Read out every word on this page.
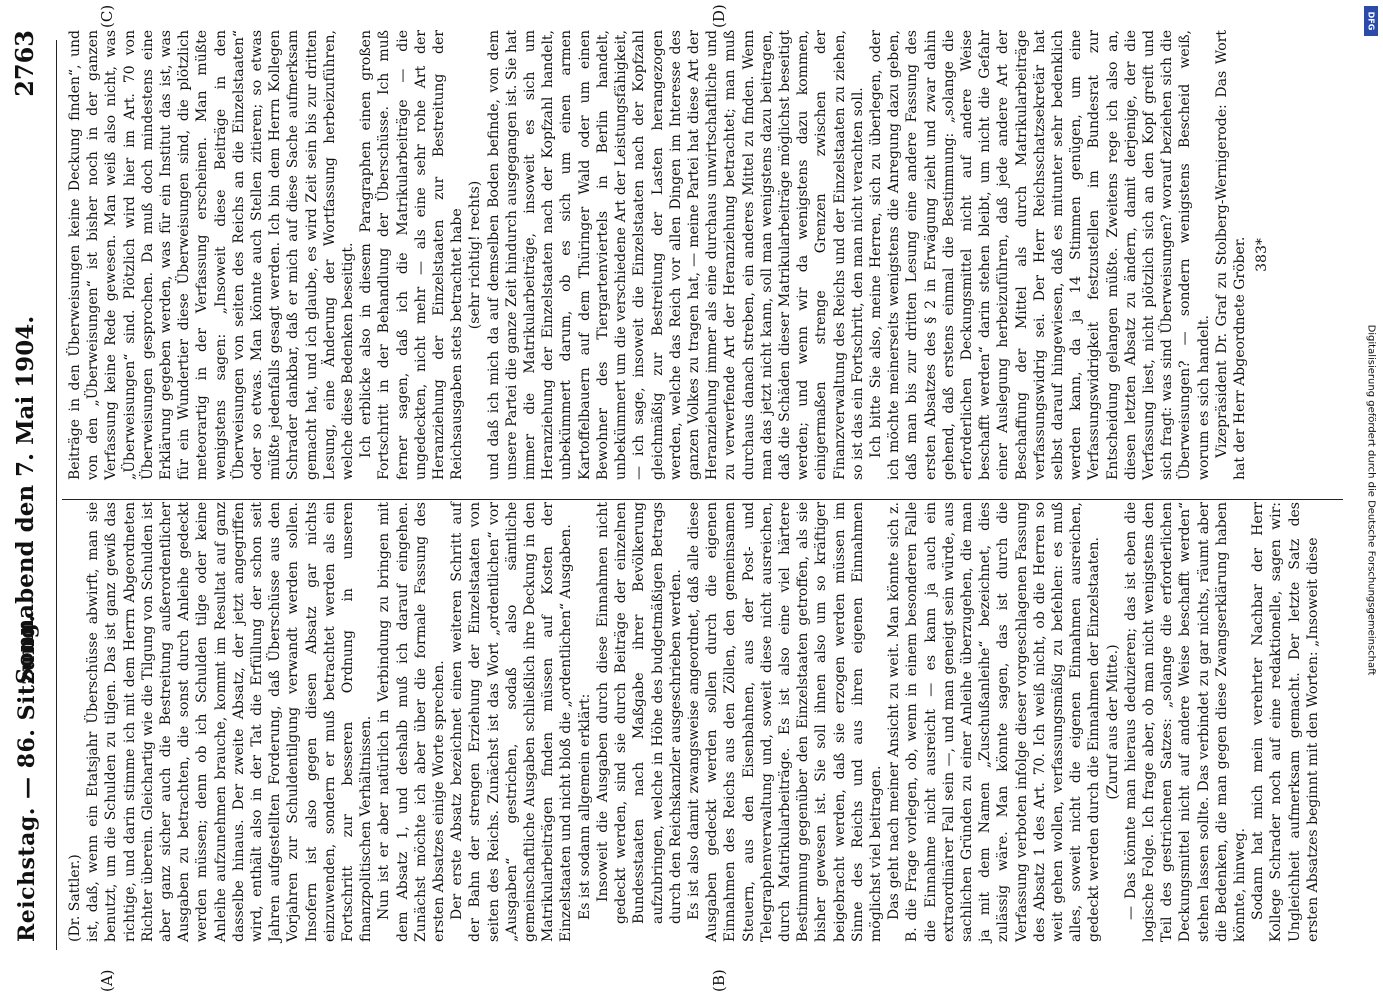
Reichstag. — 86. Sitzung.
Sonnabend den 7. Mai 1904.
2763
(A)	(B)
(C)	(D)

(Dr. Sattler.) ist, daß, wenn ein Etatsjahr Überschüsse abwirft, man sie benutzt, um die Schulden zu tilgen. Das ist ganz gewiß das richtige, und darin stimme ich mit dem Herrn Abgeordneten Richter überein. Gleichartig wie die Tilgung von Schulden ist aber ganz sicher auch die Bestreitung außerordentlicher Ausgaben zu betrachten, die sonst durch Anleihe gedeckt werden müssen; denn ob ich Schulden tilge oder keine Anleihe aufzunehmen brauche, kommt im Resultat auf ganz dasselbe hinaus. Der zweite Absatz, der jetzt angegriffen wird, enthält also in der Tat die Erfüllung der schon seit Jahren aufgestellten Forderung, daß Überschüsse aus den Vorjahren zur Schuldentilgung verwandt werden sollen. Insofern ist also gegen diesen Absatz gar nichts einzuwenden, sondern er muß betrachtet werden als ein Fortschritt zur besseren Ordnung in unseren finanzpolitischen Verhältnissen. Nun ist er aber natürlich in Verbindung zu bringen mit dem Absatz 1, und deshalb muß ich darauf eingehen. Zunächst möchte ich aber über die formale Fassung des ersten Absatzes einige Worte sprechen. Der erste Absatz bezeichnet einen weiteren Schritt auf der Bahn der strengen Erziehung der Einzelstaaten von seiten des Reichs. Zunächst ist das Wort „ordentlichen“ vor „Ausgaben“ gestrichen, sodaß also sämtliche gemeinschaftliche Ausgaben schließlich ihre Deckung in den Matrikularbeiträgen finden müssen auf Kosten der Einzelstaaten und nicht bloß die „ordentlichen“ Ausgaben. Es ist sodann allgemein erklärt: Insoweit die Ausgaben durch diese Einnahmen nicht gedeckt werden, sind sie durch Beiträge der einzelnen Bundesstaaten nach Maßgabe ihrer Bevölkerung aufzubringen, welche in Höhe des budgetmäßigen Betrags durch den Reichskanzler ausgeschrieben werden. Es ist also damit zwangsweise angeordnet, daß alle diese Ausgaben gedeckt werden sollen durch die eigenen Einnahmen des Reichs aus den Zöllen, den gemeinsamen Steuern, aus den Eisenbahnen, aus der Post- und Telegraphenverwaltung und, soweit diese nicht ausreichen, durch Matrikularbeiträge. Es ist also eine viel härtere Bestimmung gegenüber den Einzelstaaten getroffen, als sie bisher gewesen ist. Sie soll ihnen also um so kräftiger beigebracht werden, daß sie erzogen werden müssen im Sinne des Reichs und aus ihren eigenen Einnahmen möglichst viel beitragen. Das geht nach meiner Ansicht zu weit. Man könnte sich z. B. die Frage vorlegen, ob, wenn in einem besonderen Falle die Einnahme nicht ausreicht — es kann ja auch ein extraordinärer Fall sein —, und man geneigt sein würde, aus sachlichen Gründen zu einer Anleihe überzugehen, die man ja mit dem Namen „Zuschußanleihe“ bezeichnet, dies zulässig wäre. Man könnte sagen, das ist durch die Verfassung verboten infolge dieser vorgeschlagenen Fassung des Absatz 1 des Art. 70. Ich weiß nicht, ob die Herren so weit gehen wollen, verfassungsmäßig zu befehlen: es muß alles, soweit nicht die eigenen Einnahmen ausreichen, gedeckt werden durch die Einnahmen der Einzelstaaten. (Zuruf aus der Mitte.) — Das könnte man hieraus deduzieren; das ist eben die logische Folge. Ich frage aber, ob man nicht wenigstens den Teil des gestrichenen Satzes: „solange die erforderlichen Deckungsmittel nicht auf andere Weise beschafft werden“ stehen lassen sollte. Das verbindet zu gar nichts, räumt aber die Bedenken, die man gegen diese Zwangserklärung haben könnte, hinweg. Sodann hat mich mein verehrter Nachbar der Herr Kollege Schrader noch auf eine redaktionelle, sagen wir: Ungleichheit aufmerksam gemacht. Der letzte Satz des ersten Absatzes beginnt mit den Worten: „Insoweit diese

Beiträge in den Überweisungen keine Deckung finden“, und von den „Überweisungen“ ist bisher noch in der ganzen Verfassung keine Rede gewesen. Man weiß also nicht, was „Überweisungen“ sind. Plötzlich wird hier im Art. 70 von Überweisungen gesprochen. Da muß doch mindestens eine Erklärung gegeben werden, was für ein Institut das ist, was für ein Wundertier diese Überweisungen sind, die plötzlich meteorartig in der Verfassung erscheinen. Man müßte wenigstens sagen: „Insoweit diese Beiträge in den Überweisungen von seiten des Reichs an die Einzelstaaten“ oder so etwas. Man könnte auch Stellen zitieren; so etwas müßte jedenfalls gesagt werden. Ich bin dem Herrn Kollegen Schrader dankbar, daß er mich auf diese Sache aufmerksam gemacht hat, und ich glaube, es wird Zeit sein bis zur dritten Lesung, eine Änderung der Wortfassung herbeizuführen, welche diese Bedenken beseitigt. Ich erblicke also in diesem Paragraphen einen großen Fortschritt in der Behandlung der Überschüsse. Ich muß ferner sagen, daß ich die Matrikularbeiträge — die ungedeckten, nicht mehr — als eine sehr rohe Art der Heranziehung der Einzelstaaten zur Bestreitung der Reichsausgaben stets betrachtet habe (sehr richtig! rechts) und daß ich mich da auf demselben Boden befinde, von dem unsere Partei die ganze Zeit hindurch ausgegangen ist. Sie hat immer die Matrikularbeiträge, insoweit es sich um Heranziehung der Einzelstaaten nach der Kopfzahl handelt, unbekümmert darum, ob es sich um einen armen Kartoffelbauern auf dem Thüringer Wald oder um einen Bewohner des Tiergartenviertels in Berlin handelt, unbekümmert um die verschiedene Art der Leistungsfähigkeit, — ich sage, insoweit die Einzelstaaten nach der Kopfzahl gleichmäßig zur Bestreitung der Lasten herangezogen werden, welche das Reich vor allen Dingen im Interesse des ganzen Volkes zu tragen hat, — meine Partei hat diese Art der Heranziehung immer als eine durchaus unwirtschaftliche und zu verwerfende Art der Heranziehung betrachtet; man muß durchaus danach streben, ein anderes Mittel zu finden. Wenn man das jetzt nicht kann, soll man wenigstens dazu beitragen, daß die Schäden dieser Matrikularbeiträge möglichst beseitigt werden; und wenn wir da wenigstens dazu kommen, einigermaßen strenge Grenzen zwischen der Finanzverwaltung des Reichs und der Einzelstaaten zu ziehen, so ist das ein Fortschritt, den man nicht verachten soll. Ich bitte Sie also, meine Herren, sich zu überlegen, oder ich möchte meinerseits wenigstens die Anregung dazu geben, daß man bis zur dritten Lesung eine andere Fassung des ersten Absatzes des § 2 in Erwägung zieht und zwar dahin gehend, daß erstens einmal die Bestimmung: „solange die erforderlichen Deckungsmittel nicht auf andere Weise beschafft werden“ darin stehen bleibt, um nicht die Gefahr einer Auslegung herbeizuführen, daß jede andere Art der Beschaffung der Mittel als durch Matrikularbeiträge verfassungswidrig sei. Der Herr Reichsschatzsekretär hat selbst darauf hingewiesen, daß es mitunter sehr bedenklich werden kann, da ja 14 Stimmen genügen, um eine Verfassungswidrigkeit festzustellen im Bundesrat zur Entscheidung gelangen müßte. Zweitens rege ich also an, diesen letzten Absatz zu ändern, damit derjenige, der die Verfassung liest, nicht plötzlich sich an den Kopf greift und sich fragt: was sind Überweisungen? worauf beziehen sich die Überweisungen? — sondern wenigstens Bescheid weiß, worum es sich handelt. Vizepräsident Dr. Graf zu Stolberg-Wernigerode: Das Wort hat der Herr Abgeordnete Gröber. 383*

DFG
Digitalisierung gefördert durch die Deutsche Forschungsgemeinschaft
